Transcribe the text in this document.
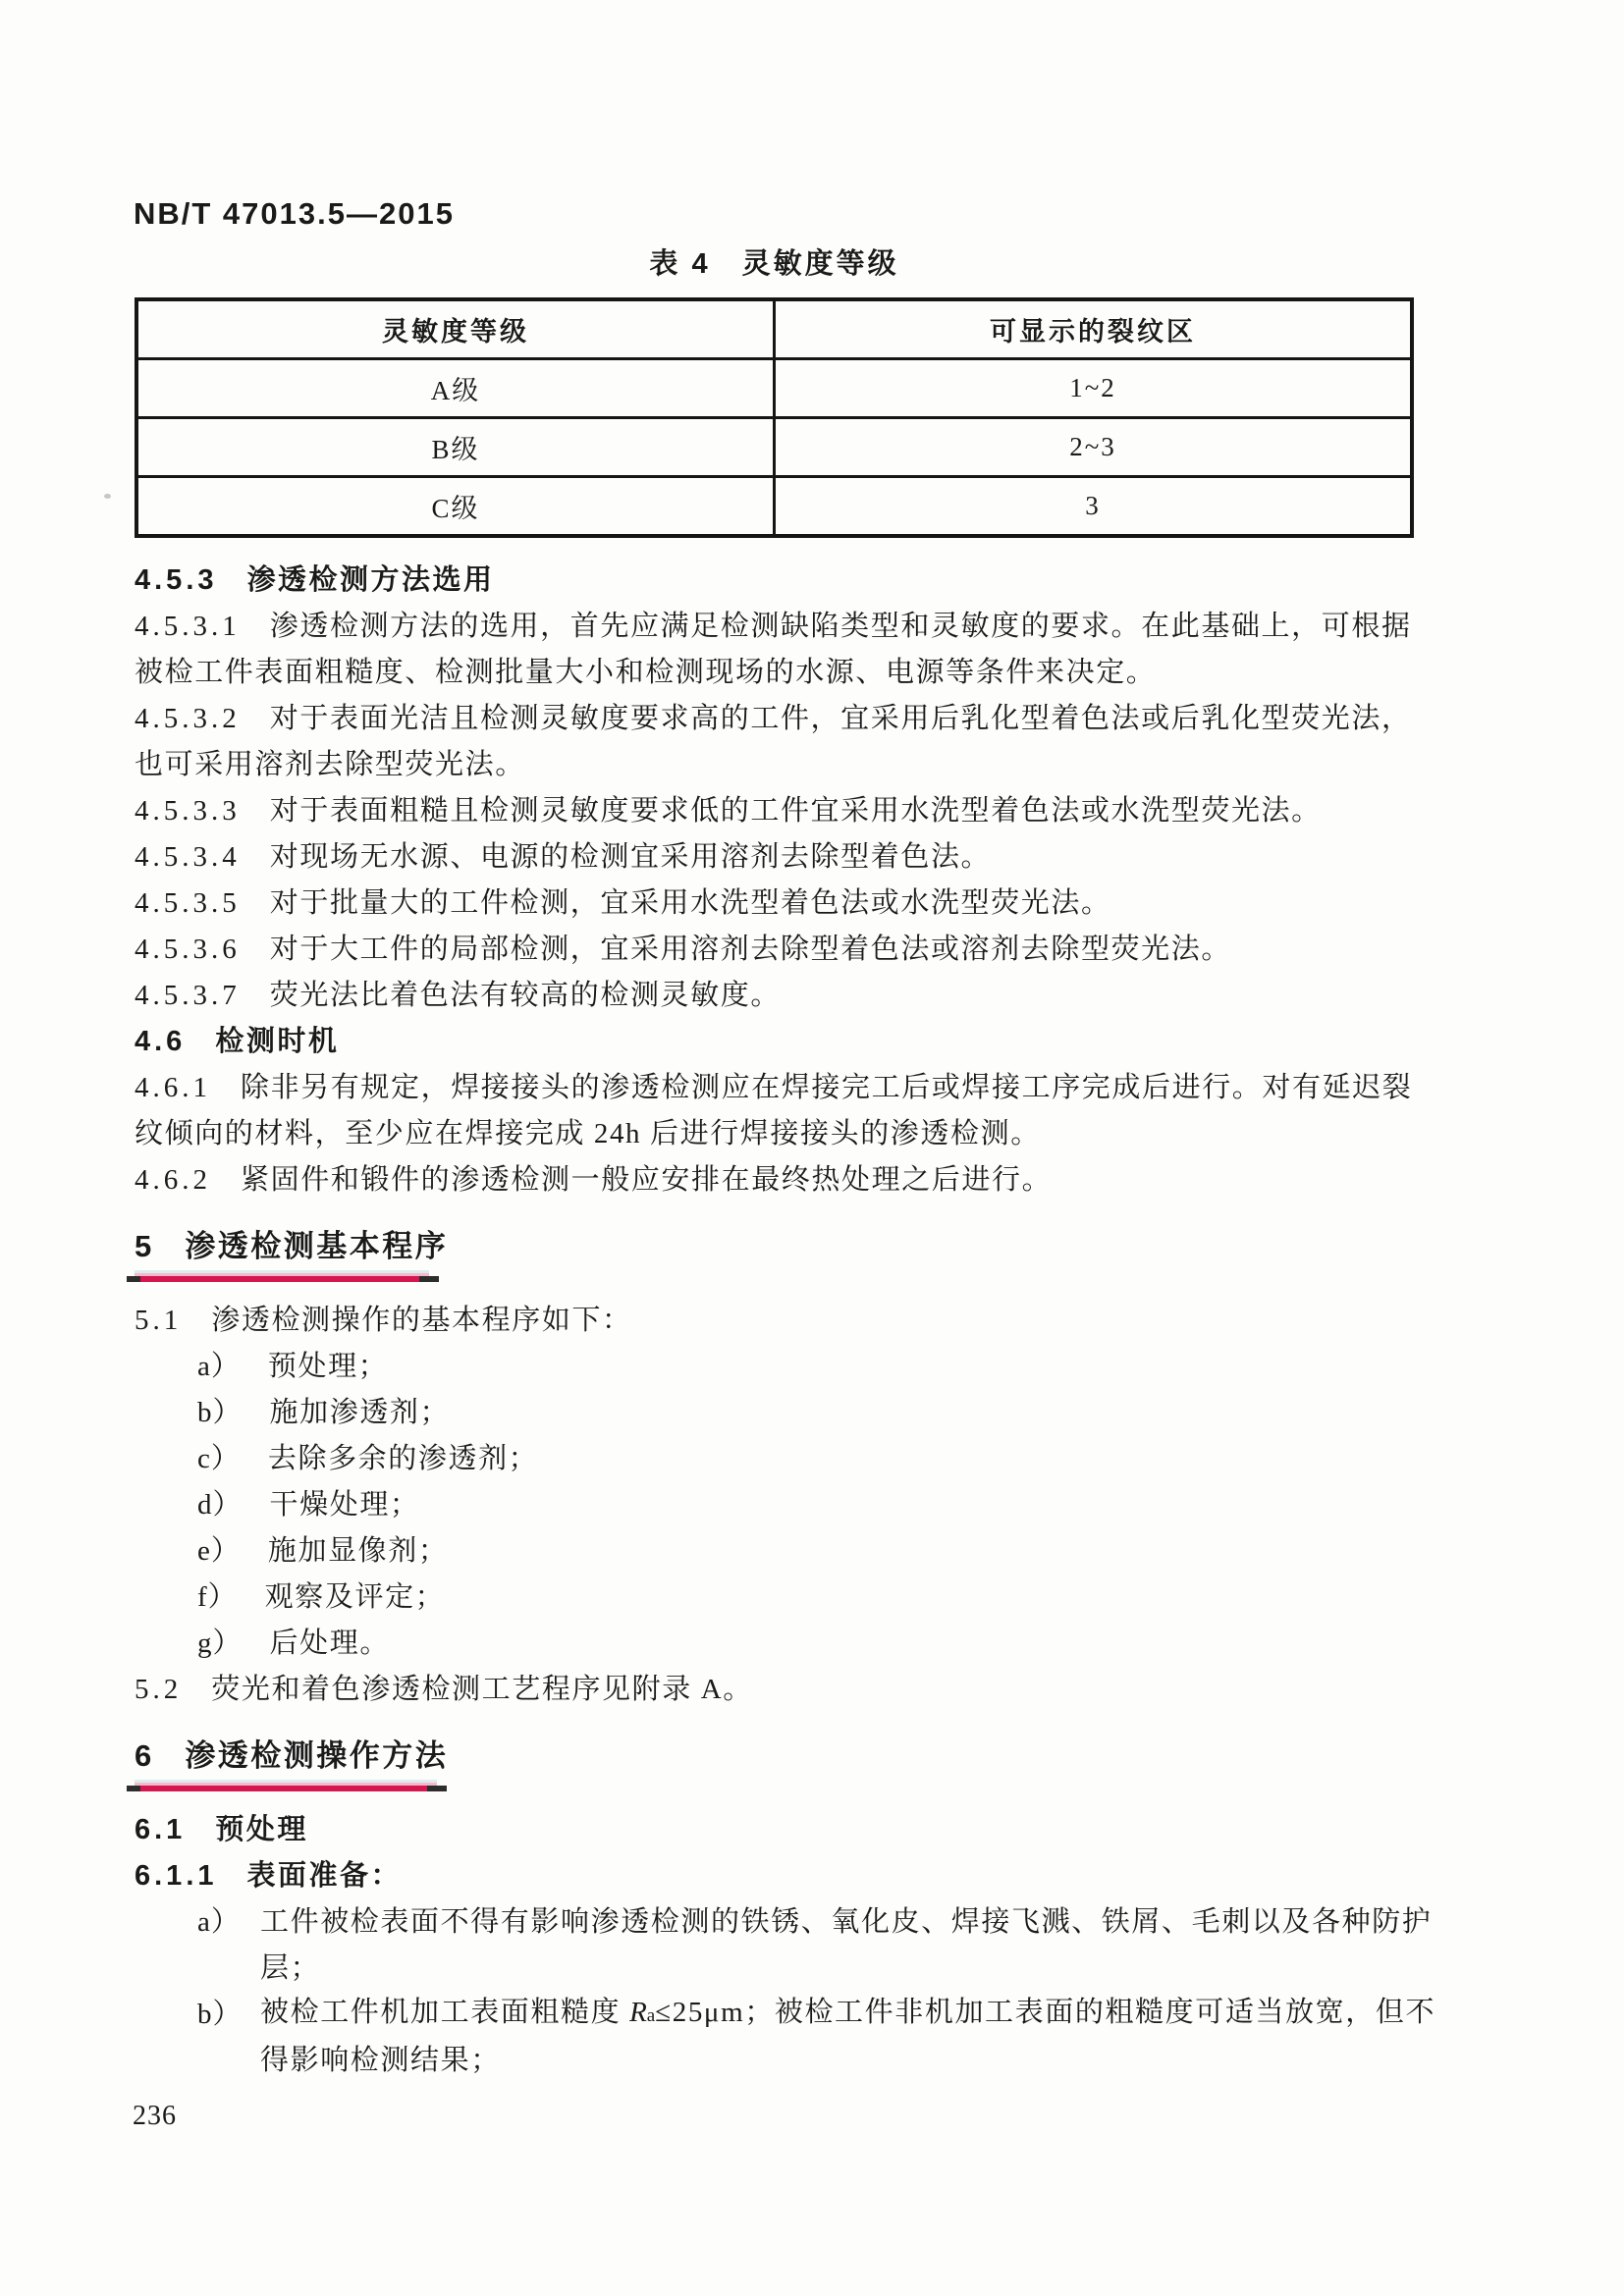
NB/T 47013.5—2015
表 4　灵敏度等级
灵敏度等级	可显示的裂纹区
A级	1~2
B级	2~3
C级	3
4.5.3 渗透检测方法选用
4.5.3.1 渗透检测方法的选用，首先应满足检测缺陷类型和灵敏度的要求。在此基础上，可根据
被检工件表面粗糙度、检测批量大小和检测现场的水源、电源等条件来决定。
4.5.3.2 对于表面光洁且检测灵敏度要求高的工件，宜采用后乳化型着色法或后乳化型荧光法，
也可采用溶剂去除型荧光法。
4.5.3.3 对于表面粗糙且检测灵敏度要求低的工件宜采用水洗型着色法或水洗型荧光法。
4.5.3.4 对现场无水源、电源的检测宜采用溶剂去除型着色法。
4.5.3.5 对于批量大的工件检测，宜采用水洗型着色法或水洗型荧光法。
4.5.3.6 对于大工件的局部检测，宜采用溶剂去除型着色法或溶剂去除型荧光法。
4.5.3.7 荧光法比着色法有较高的检测灵敏度。
4.6 检测时机
4.6.1 除非另有规定，焊接接头的渗透检测应在焊接完工后或焊接工序完成后进行。对有延迟裂
纹倾向的材料，至少应在焊接完成 24h 后进行焊接接头的渗透检测。
4.6.2 紧固件和锻件的渗透检测一般应安排在最终热处理之后进行。
5 渗透检测基本程序
5.1 渗透检测操作的基本程序如下：
a） 预处理；
b） 施加渗透剂；
c） 去除多余的渗透剂；
d） 干燥处理；
e） 施加显像剂；
f） 观察及评定；
g） 后处理。
5.2 荧光和着色渗透检测工艺程序见附录 A。
6 渗透检测操作方法
6.1 预处理
6.1.1 表面准备：
a） 工件被检表面不得有影响渗透检测的铁锈、氧化皮、焊接飞溅、铁屑、毛刺以及各种防护
层；
b） 被检工件机加工表面粗糙度 $R_a\le 25\mu m$；被检工件非机加工表面的粗糙度可适当放宽，但不
得影响检测结果；
236
